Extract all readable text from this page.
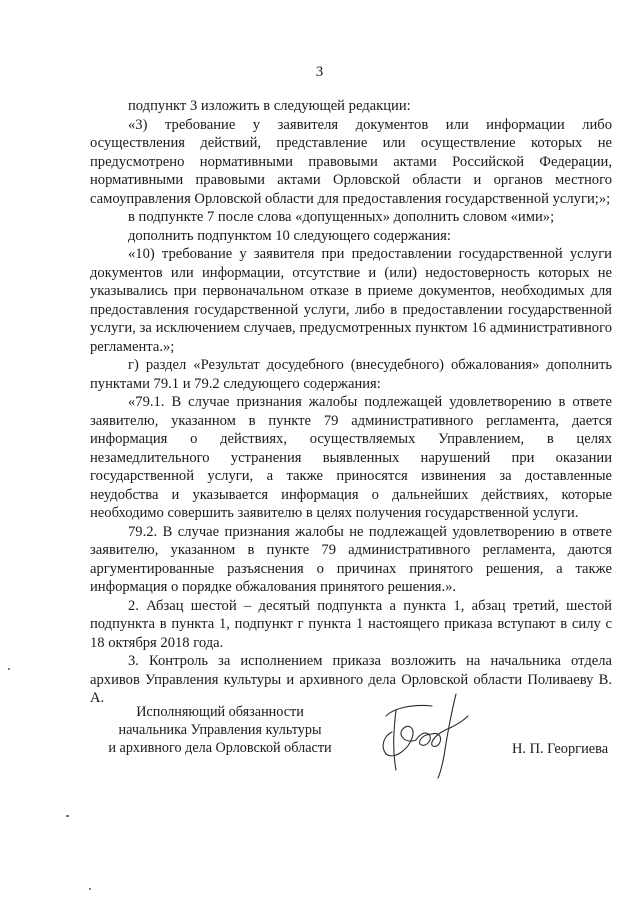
3

подпункт 3 изложить в следующей редакции:

«3) требование у заявителя документов или информации либо осуществления действий, представление или осуществление которых не предусмотрено нормативными правовыми актами Российской Федерации, нормативными правовыми актами Орловской области и органов местного самоуправления Орловской области для предоставления государственной услуги;»;

в подпункте 7 после слова «допущенных» дополнить словом «ими»;

дополнить подпунктом 10 следующего содержания:

«10) требование у заявителя при предоставлении государственной услуги документов или информации, отсутствие и (или) недостоверность которых не указывались при первоначальном отказе в приеме документов, необходимых для предоставления государственной услуги, либо в предоставлении государственной услуги, за исключением случаев, предусмотренных пунктом 16 административного регламента.»;

г) раздел «Результат досудебного (внесудебного) обжалования» дополнить пунктами 79.1 и 79.2 следующего содержания:

«79.1. В случае признания жалобы подлежащей удовлетворению в ответе заявителю, указанном в пункте 79 административного регламента, дается информация о действиях, осуществляемых Управлением, в целях незамедлительного устранения выявленных нарушений при оказании государственной услуги, а также приносятся извинения за доставленные неудобства и указывается информация о дальнейших действиях, которые необходимо совершить заявителю в целях получения государственной услуги.

79.2. В случае признания жалобы не подлежащей удовлетворению в ответе заявителю, указанном в пункте 79 административного регламента, даются аргументированные разъяснения о причинах принятого решения, а также информация о порядке обжалования принятого решения.».

2. Абзац шестой – десятый подпункта а пункта 1, абзац третий, шестой подпункта в пункта 1, подпункт г пункта 1 настоящего приказа вступают в силу с 18 октября 2018 года.

3. Контроль за исполнением приказа возложить на начальника отдела архивов Управления культуры и архивного дела Орловской области Поливаеву В. А.

Исполняющий обязанности
начальника Управления культуры
и архивного дела Орловской области	Н. П. Георгиева
